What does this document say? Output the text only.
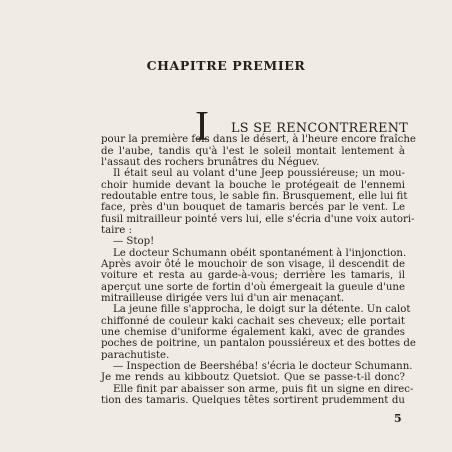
CHAPITRE PREMIER
I LS SE RENCONTRERENT
pour la première fois dans le désert, à l'heure encore fraîche
de l'aube, tandis qu'à l'est le soleil montait lentement à
l'assaut des rochers brunâtres du Néguev.
Il était seul au volant d'une Jeep poussiéreuse; un mou-
choir humide devant la bouche le protégeait de l'ennemi
redoutable entre tous, le sable fin. Brusquement, elle lui fit
face, près d'un bouquet de tamaris bercés par le vent. Le
fusil mitrailleur pointé vers lui, elle s'écria d'une voix autori-
taire :
— Stop!
Le docteur Schumann obéit spontanément à l'injonction.
Après avoir ôté le mouchoir de son visage, il descendit de
voiture et resta au garde-à-vous; derrière les tamaris, il
aperçut une sorte de fortin d'où émergeait la gueule d'une
mitrailleuse dirigée vers lui d'un air menaçant.
La jeune fille s'approcha, le doigt sur la détente. Un calot
chiffonné de couleur kaki cachait ses cheveux; elle portait
une chemise d'uniforme également kaki, avec de grandes
poches de poitrine, un pantalon poussiéreux et des bottes de
parachutiste.
— Inspection de Beershéba! s'écria le docteur Schumann.
Je me rends au kibboutz Quetsiot. Que se passe-t-il donc?
Elle finit par abaisser son arme, puis fit un signe en direc-
tion des tamaris. Quelques têtes sortirent prudemment du
5
